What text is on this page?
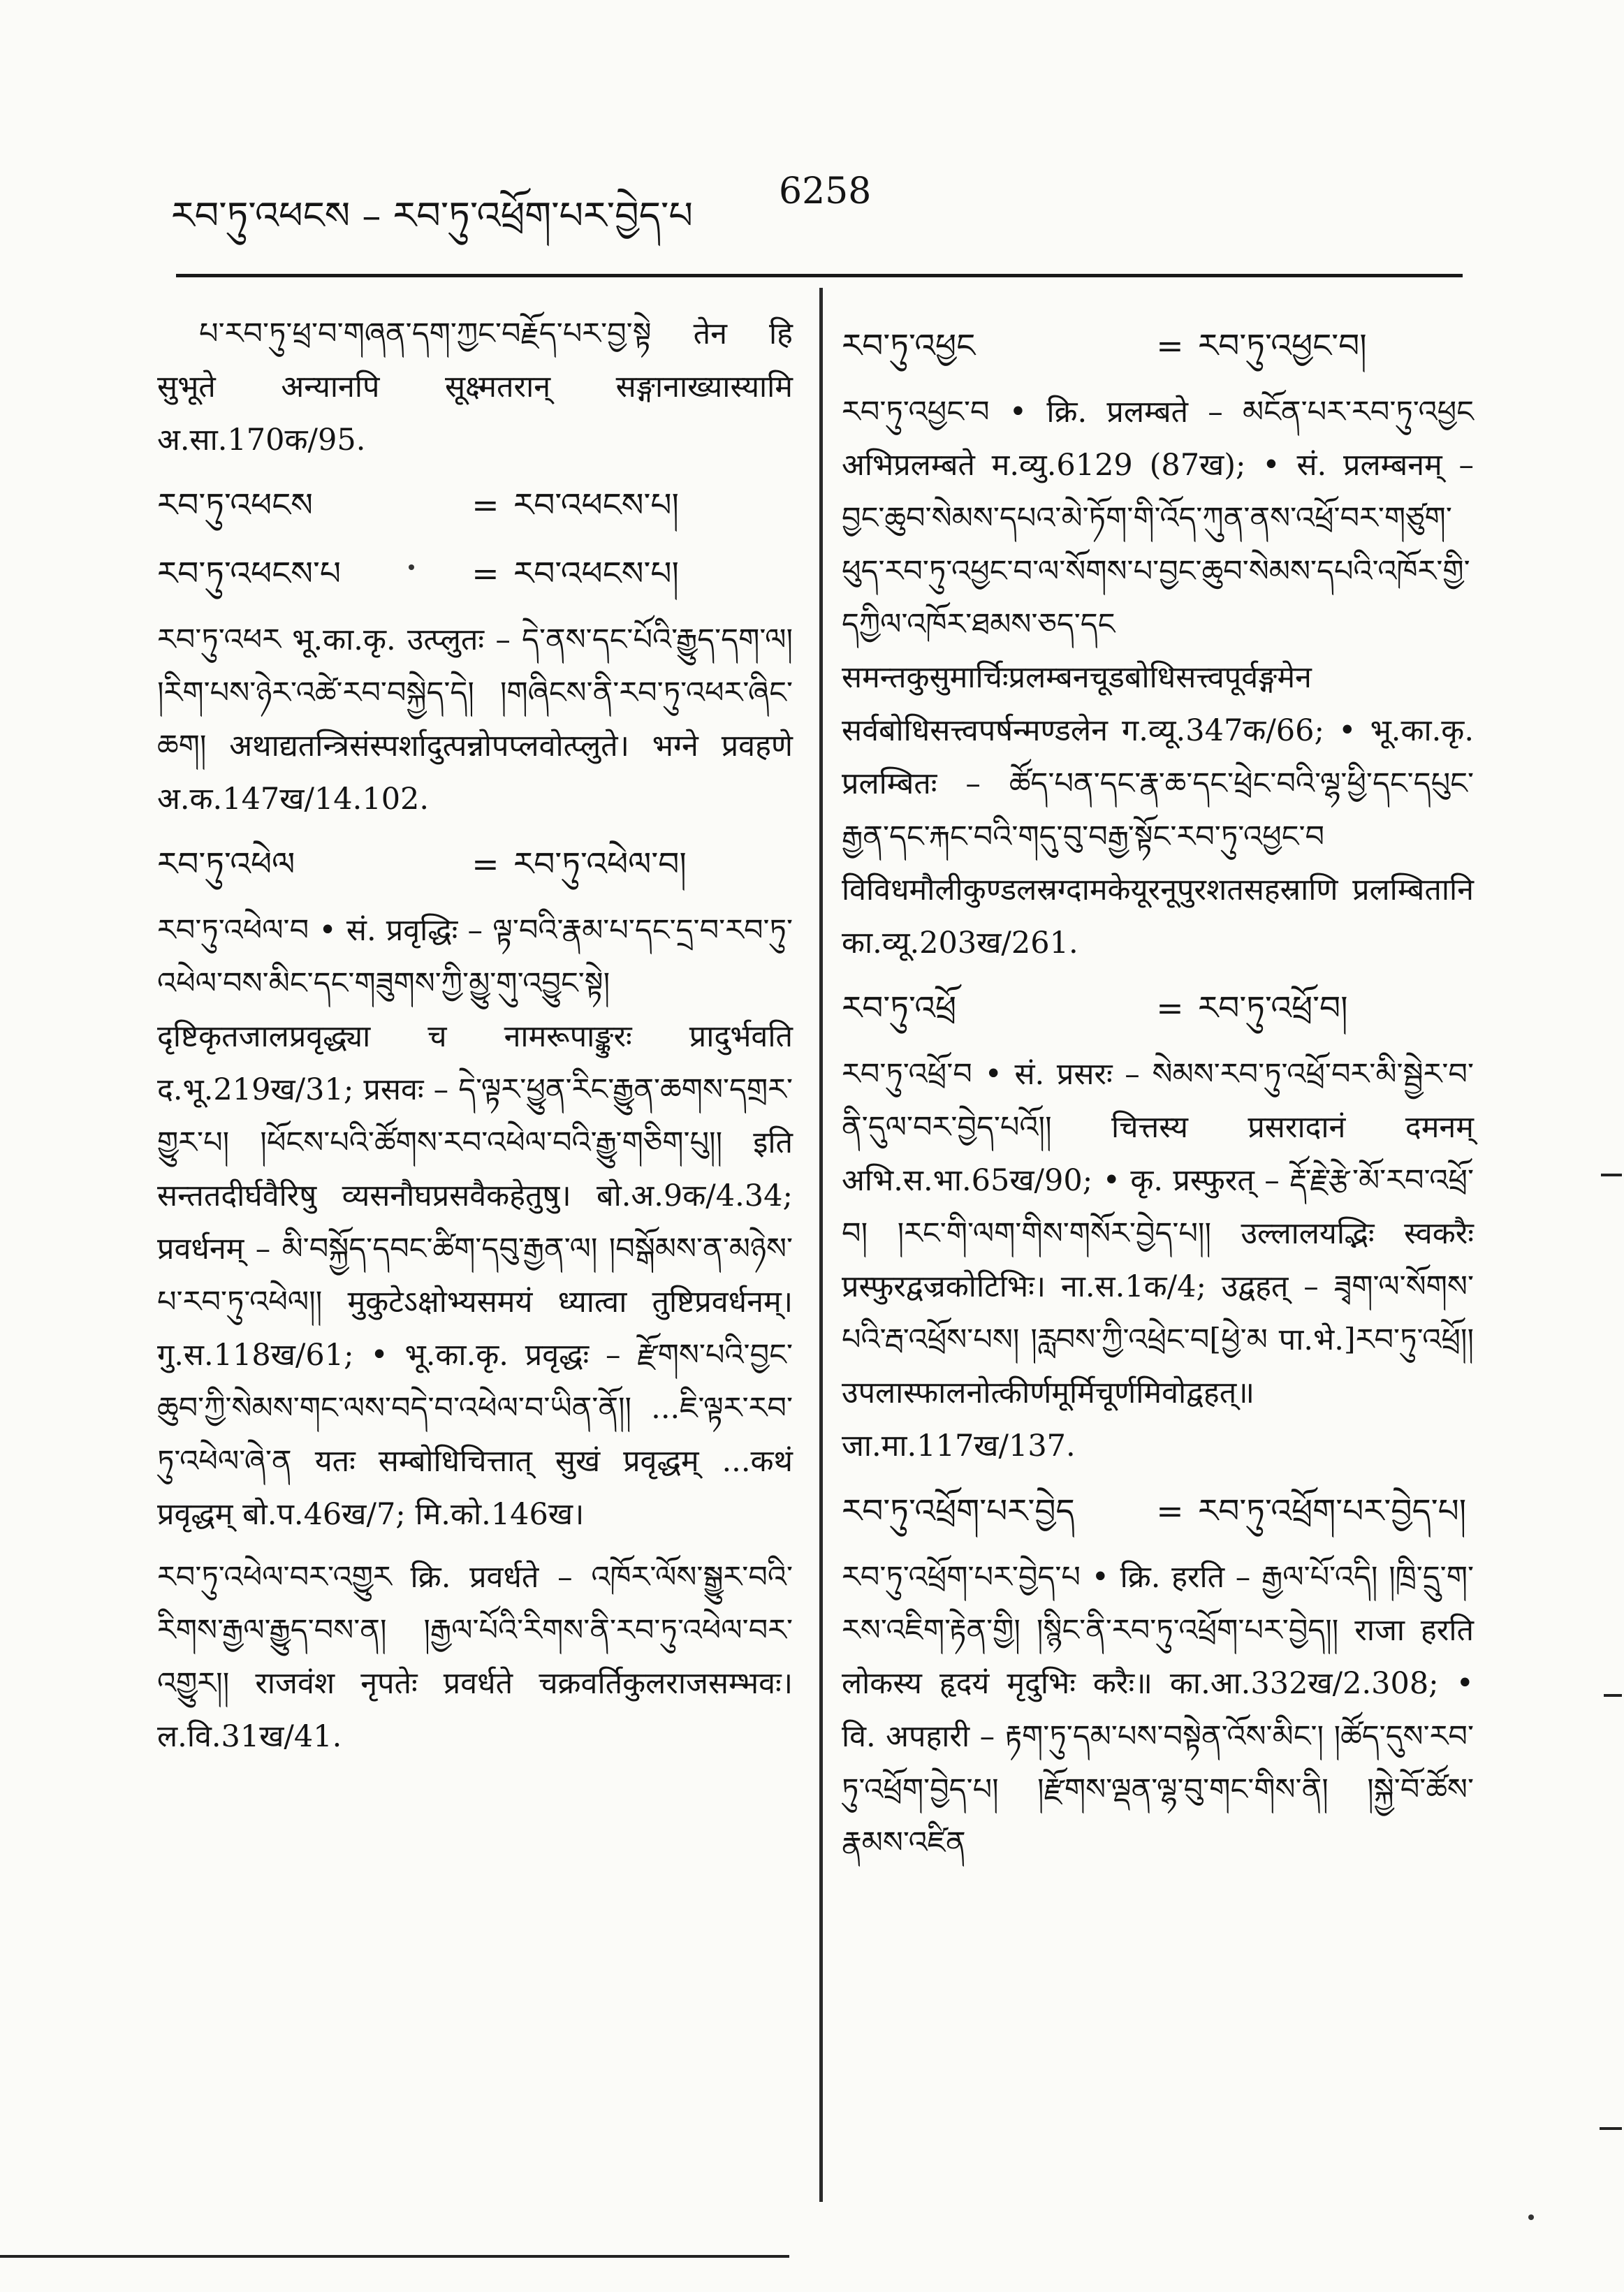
རབ་ཏུ་འཕངས – རབ་ཏུ་འཕྲོག་པར་བྱེད་པ
6258

པ་རབ་ཏུ་ཕྲ་བ་གཞན་དག་ཀྱང་བརྗོད་པར་བྱ་སྟེ तेन हि सुभूते अन्यानपि सूक्ष्मतरान् सङ्गानाख्यास्यामि अ.सा.170क/95.

རབ་ཏུ་འཕངས	= རབ་འཕངས་པ།
རབ་ཏུ་འཕངས་པ	= རབ་འཕངས་པ།

རབ་ཏུ་འཕར भू.का.कृ. उत्प्लुतः – དེ་ནས་དང་པོའི་རྒྱུད་དག་ལ། །རིག་པས་ཉེར་འཚེ་རབ་བསྐྱེད་དེ། །གཞིངས་ནི་རབ་ཏུ་འཕར་ཞིང་ཆག། अथाद्यतन्त्रिसंस्पर्शादुत्पन्नोपप्लवोत्प्लुते। भग्ने प्रवहणे अ.क.147ख/14.102.

རབ་ཏུ་འཕེལ	= རབ་ཏུ་འཕེལ་བ།

རབ་ཏུ་འཕེལ་བ • सं. प्रवृद्धिः – ལྟ་བའི་རྣམ་པ་དང་དྲ་བ་རབ་ཏུ་འཕེལ་བས་མིང་དང་གཟུགས་ཀྱི་མྱུ་གུ་འབྱུང་སྟེ། दृष्टिकृतजालप्रवृद्ध्या च नामरूपाङ्कुरः प्रादुर्भवति द.भू.219ख/31; प्रसवः – དེ་ལྟར་ཕྱུན་རིང་རྒྱུན་ཆགས་དགྲར་གྱུར་པ། །ཕོངས་པའི་ཚོགས་རབ་འཕེལ་བའི་རྒྱུ་གཅིག་པུ།། इति सन्ततदीर्घवैरिषु व्यसनौघप्रसवैकहेतुषु। बो.अ.9क/4.34; प्रवर्धनम् – མི་བསྐྱོད་དབང་ཚིག་དབུ་རྒྱན་ལ། །བསྒོམས་ན་མཉེས་པ་རབ་ཏུ་འཕེལ།། मुकुटेऽक्षोभ्यसमयं ध्यात्वा तुष्टिप्रवर्धनम्। गु.स.118ख/61; • भू.का.कृ. प्रवृद्धः – རྫོགས་པའི་བྱང་ཆུབ་ཀྱི་སེམས་གང་ལས་བདེ་བ་འཕེལ་བ་ཡིན་ནོ།། ...ཇི་ལྟར་རབ་ཏུ་འཕེལ་ཞེ་ན यतः सम्बोधिचित्तात् सुखं प्रवृद्धम् ...कथं प्रवृद्धम् बो.प.46ख/7; मि.को.146ख।

རབ་ཏུ་འཕེལ་བར་འགྱུར क्रि. प्रवर्धते – འཁོར་ལོས་སྒྱུར་བའི་རིགས་རྒྱལ་རྒྱུད་བས་ན། །རྒྱལ་པོའི་རིགས་ནི་རབ་ཏུ་འཕེལ་བར་འགྱུར།། राजवंश नृपतेः प्रवर्धते चक्रवर्तिकुलराजसम्भवः। ल.वि.31ख/41.

རབ་ཏུ་འཕྱང	= རབ་ཏུ་འཕྱང་བ།

རབ་ཏུ་འཕྱང་བ • क्रि. प्रलम्बते – མངོན་པར་རབ་ཏུ་འཕྱང अभिप्रलम्बते म.व्यु.6129 (87ख); • सं. प्रलम्बनम् – བྱང་ཆུབ་སེམས་དཔའ་མེ་ཏོག་གི་འོད་ཀུན་ནས་འཕྲོ་བར་གཙུག་ཕུད་རབ་ཏུ་འཕྱང་བ་ལ་སོགས་པ་བྱང་ཆུབ་སེམས་དཔའི་འཁོར་གྱི་དཀྱིལ་འཁོར་ཐམས་ཅད་དང समन्तकुसुमार्चिःप्रलम्बनचूडबोधिसत्त्वपूर्वङ्गमेन सर्वबोधिसत्त्वपर्षन्मण्डलेन ग.व्यू.347क/66; • भू.का.कृ. प्रलम्बितः – ཚོད་པན་དང་རྣ་ཆ་དང་ཕྲེང་བའི་ལྷ་ཕྱི་དང་དཔུང་རྒྱན་དང་རྐང་བའི་གདུ་བུ་བརྒྱ་སྟོང་རབ་ཏུ་འཕྱང་བ विविधमौलीकुण्डलस्रग्दामकेयूरनूपुरशतसहस्राणि प्रलम्बितानि का.व्यू.203ख/261.

རབ་ཏུ་འཕྲོ	= རབ་ཏུ་འཕྲོ་བ།

རབ་ཏུ་འཕྲོ་བ • सं. प्रसरः – སེམས་རབ་ཏུ་འཕྲོ་བར་མི་སྦྱེར་བ་ནི་དུལ་བར་བྱེད་པའོ།། चित्तस्य प्रसरादानं दमनम् अभि.स.भा.65ख/90; • कृ. प्रस्फुरत् – རྡོ་རྗེ་རྩེ་མོ་རབ་འཕྲོ་བ། །རང་གི་ལག་གིས་གསོར་བྱེད་པ།། उल्लालयद्भिः स्वकरैः प्रस्फुरद्वज्रकोटिभिः। ना.स.1क/4; उद्वहत् – ཟྭག་ལ་སོགས་པའི་རྦ་འཕྲོས་པས། །རླབས་ཀྱི་འཕྲེང་བ[ཕྱེ་མ पा.भे.]རབ་ཏུ་འཕྲོ།། उपलास्फालनोत्कीर्णमूर्मिचूर्णमिवोद्वहत्॥ जा.मा.117ख/137.

རབ་ཏུ་འཕྲོག་པར་བྱེད	= རབ་ཏུ་འཕྲོག་པར་བྱེད་པ།

རབ་ཏུ་འཕྲོག་པར་བྱེད་པ • क्रि. हरति – རྒྱལ་པོ་འདི། །ཁྲི་དྲུ་ག་རས་འཇིག་རྟེན་གྱི། །སྙིང་ནི་རབ་ཏུ་འཕྲོག་པར་བྱེད།། राजा हरति लोकस्य हृदयं मृदुभिः करैः॥ का.आ.332ख/2.308; • वि. अपहारी – རྟག་ཏུ་དམ་པས་བསྟེན་འོས་མིང་། །ཚོད་དུས་རབ་ཏུ་འཕྲོག་བྱེད་པ། །རྫོགས་ལྡན་ལྷ་བུ་གང་གིས་ནི། །སྐྱེ་བོ་ཚོས་རྣམས་འཛིན
